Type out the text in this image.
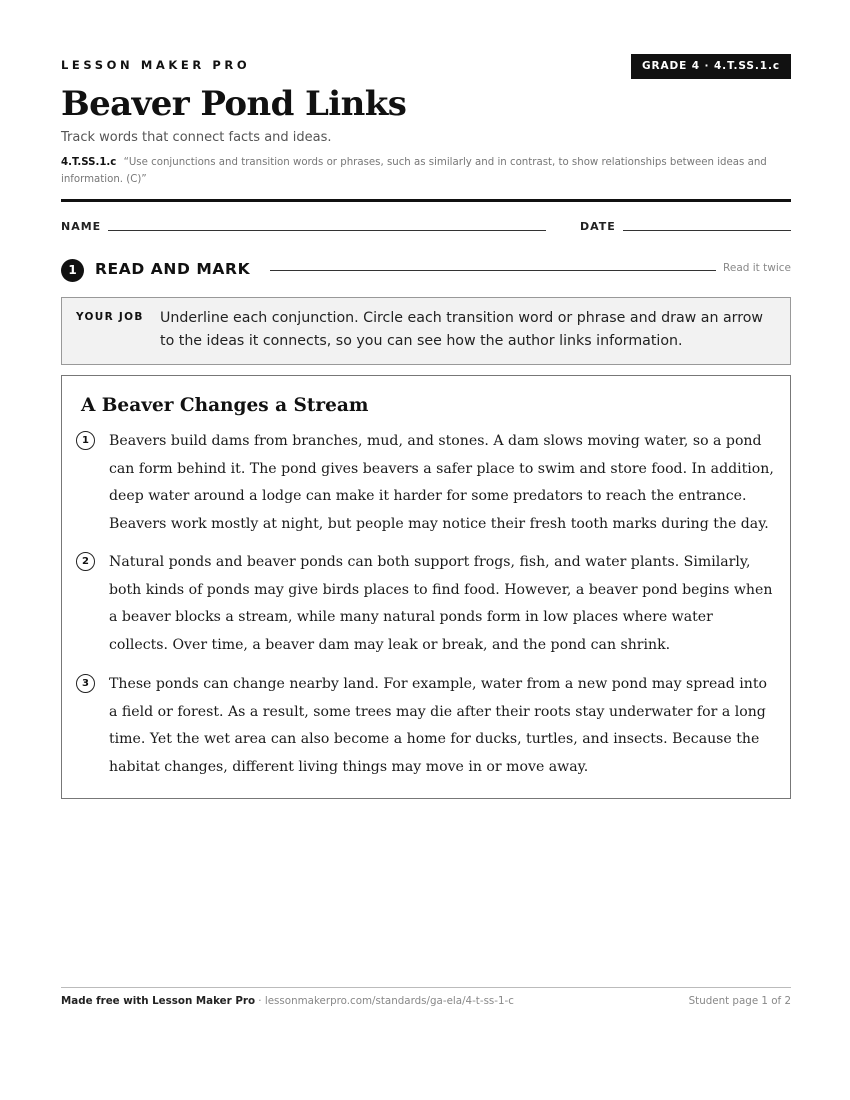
LESSON MAKER PRO	GRADE 4 · 4.T.SS.1.c
Beaver Pond Links
Track words that connect facts and ideas.
4.T.SS.1.c “Use conjunctions and transition words or phrases, such as similarly and in contrast, to show relationships between ideas and information. (C)”
NAME	DATE
1	READ AND MARK	Read it twice
YOUR JOB Underline each conjunction. Circle each transition word or phrase and draw an arrow to the ideas it connects, so you can see how the author links information.
A Beaver Changes a Stream
1	Beavers build dams from branches, mud, and stones. A dam slows moving water, so a pond can form behind it. The pond gives beavers a safer place to swim and store food. In addition, deep water around a lodge can make it harder for some predators to reach the entrance. Beavers work mostly at night, but people may notice their fresh tooth marks during the day.
2	Natural ponds and beaver ponds can both support frogs, fish, and water plants. Similarly, both kinds of ponds may give birds places to find food. However, a beaver pond begins when a beaver blocks a stream, while many natural ponds form in low places where water collects. Over time, a beaver dam may leak or break, and the pond can shrink.
3	These ponds can change nearby land. For example, water from a new pond may spread into a field or forest. As a result, some trees may die after their roots stay underwater for a long time. Yet the wet area can also become a home for ducks, turtles, and insects. Because the habitat changes, different living things may move in or move away.
Made free with Lesson Maker Pro · lessonmakerpro.com/standards/ga-ela/4-t-ss-1-c	Student page 1 of 2
